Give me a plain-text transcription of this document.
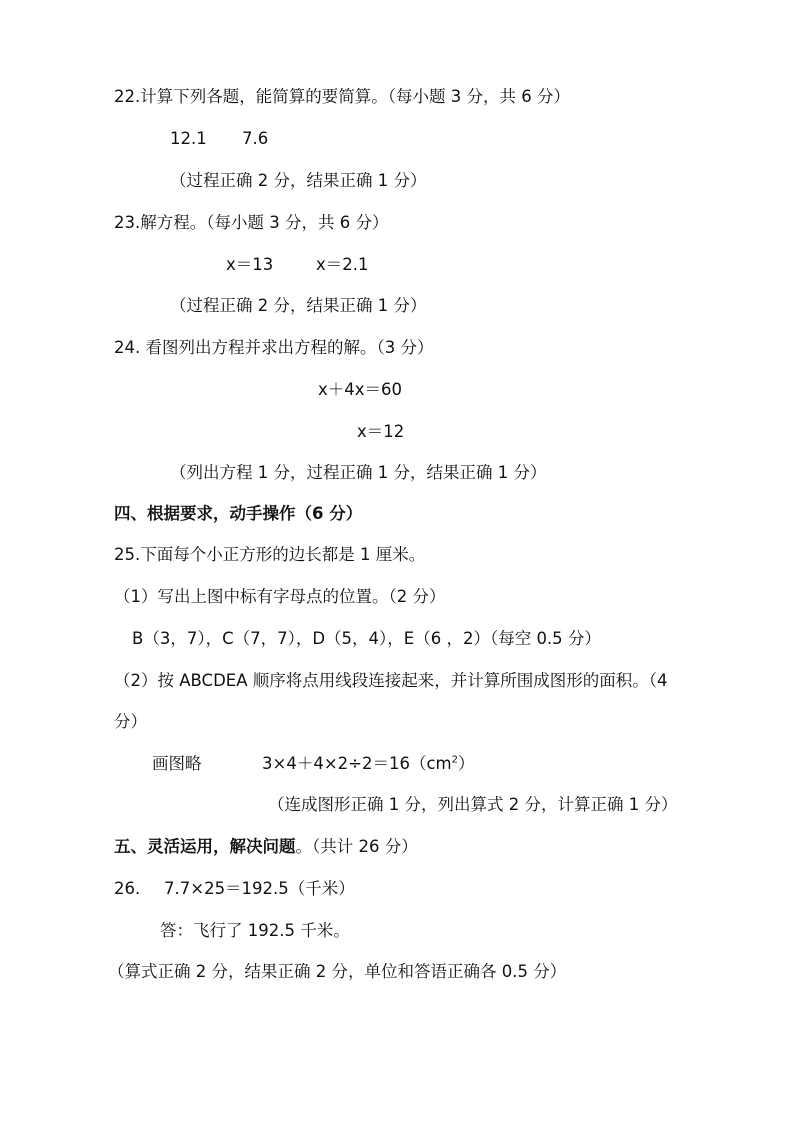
22.计算下列各题，能简算的要简算。（每小题 3 分，共 6 分）
12.1 7.6
（过程正确 2 分，结果正确 1 分）
23.解方程。（每小题 3 分，共 6 分）
x＝13	x＝2.1
（过程正确 2 分，结果正确 1 分）
24. 看图列出方程并求出方程的解。（3 分）
x＋4x＝60
x＝12
（列出方程 1 分，过程正确 1 分，结果正确 1 分）
四、根据要求，动手操作（6 分）
25.下面每个小正方形的边长都是 1 厘米。
（1）写出上图中标有字母点的位置。（2 分）
B（3，7），C（7，7），D（5，4），E（6 ，2）（每空 0.5 分）
（2）按 ABCDEA 顺序将点用线段连接起来，并计算所围成图形的面积。（4
分）
画图略	$3\times 4+4\times 2\div 2=16(cm^2)$
（连成图形正确 1 分，列出算式 2 分，计算正确 1 分）
五、灵活运用，解决问题。（共计 26 分）
26. 7.7×25＝192.5（千米）
答：飞行了 192.5 千米。
（算式正确 2 分，结果正确 2 分，单位和答语正确各 0.5 分）
